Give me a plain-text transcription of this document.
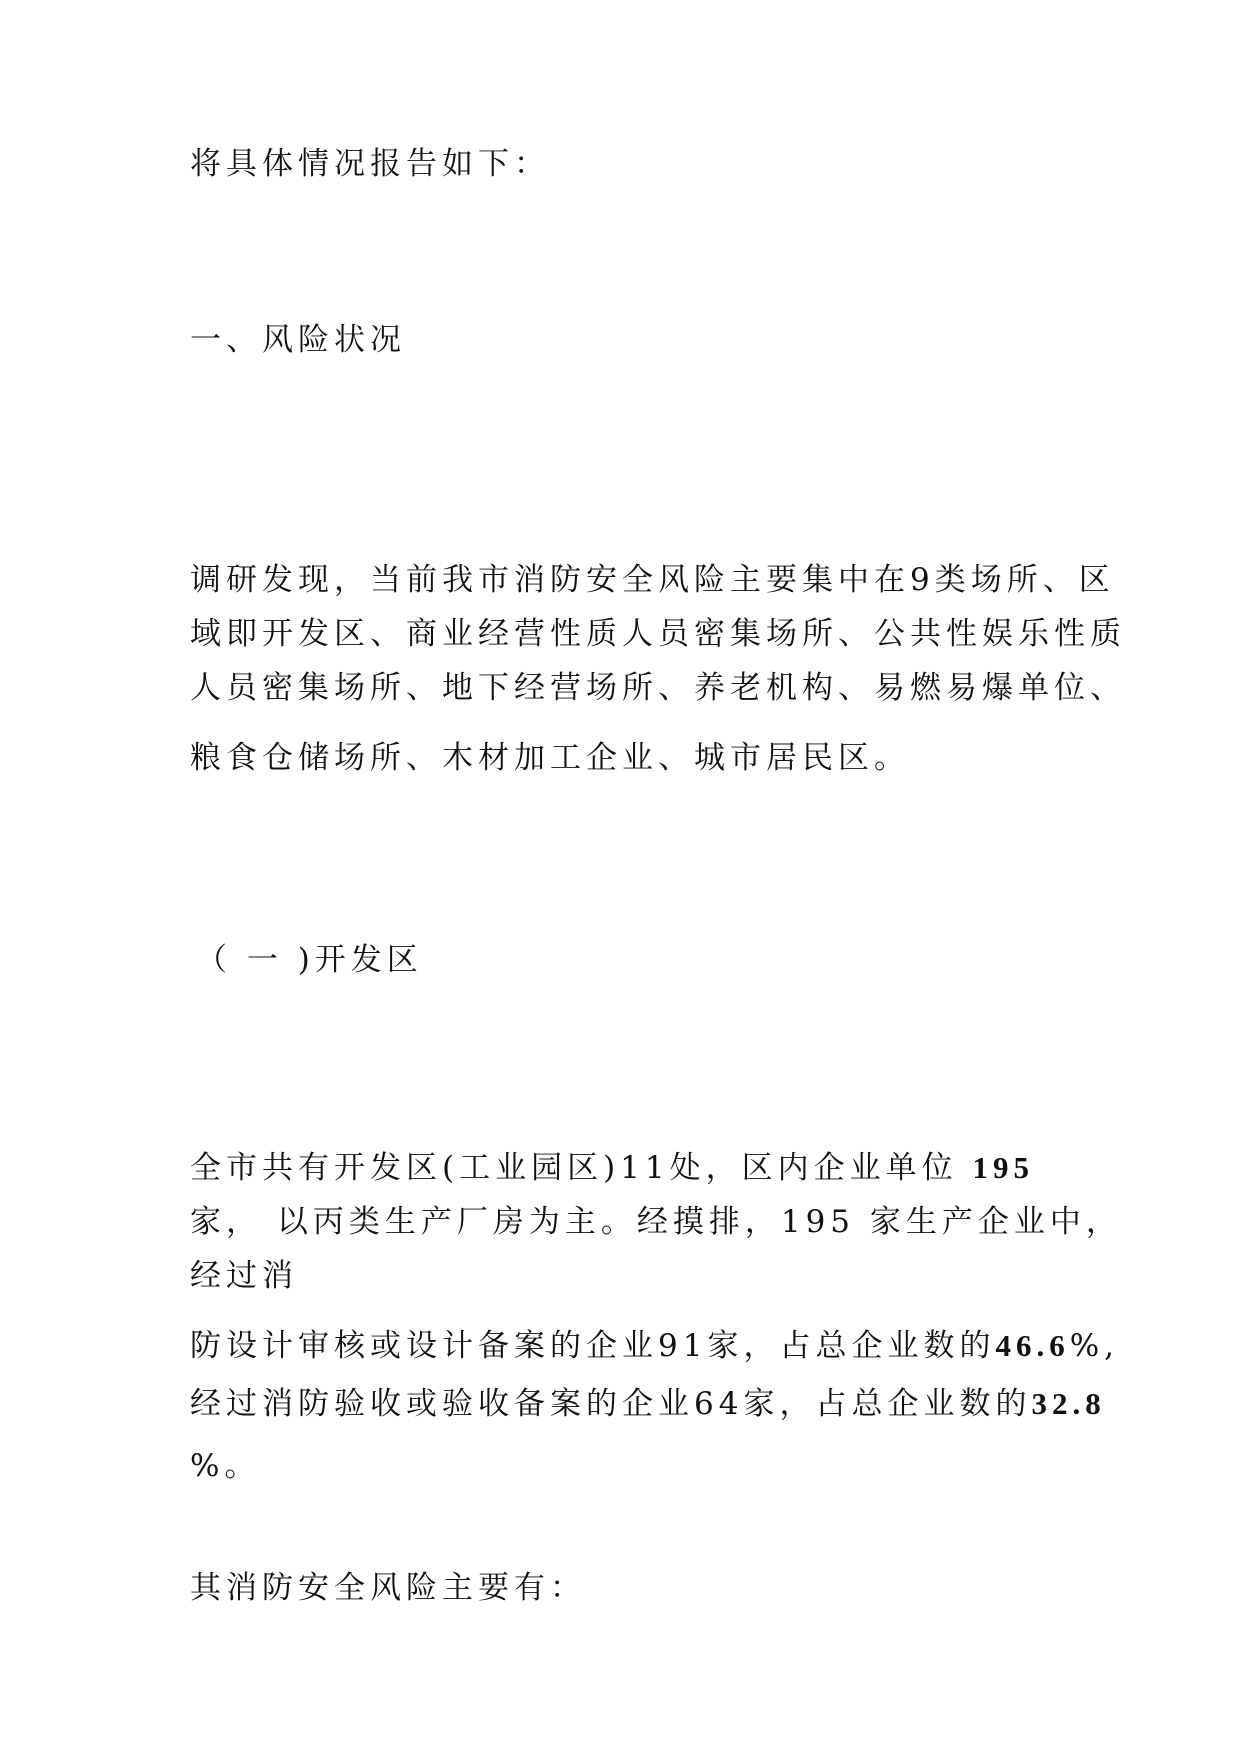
将具体情况报告如下：

一、风险状况

调研发现，当前我市消防安全风险主要集中在9类场所、区

域即开发区、商业经营性质人员密集场所、公共性娱乐性质

人员密集场所、地下经营场所、养老机构、易燃易爆单位、

粮食仓储场所、木材加工企业、城市居民区。

（ 一 )开发区

全市共有开发区(工业园区)11处，区内企业单位 195

家， 以丙类生产厂房为主。经摸排，195 家生产企业中，

经过消

防设计审核或设计备案的企业91家，占总企业数的46.6%,

经过消防验收或验收备案的企业64家，占总企业数的32.8

%。

其消防安全风险主要有：
